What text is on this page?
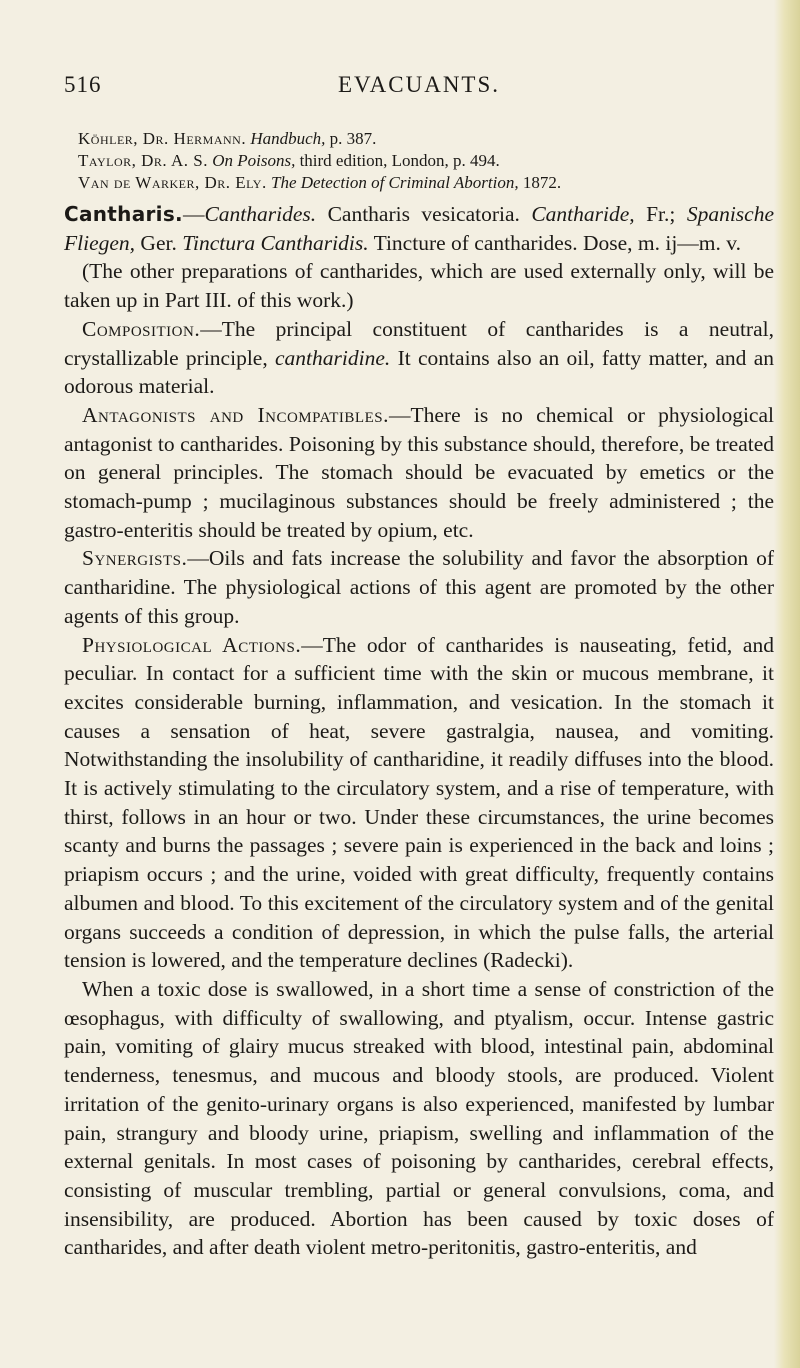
516	EVACUANTS.

Köhler, Dr. Hermann. Handbuch, p. 387.

Taylor, Dr. A. S. On Poisons, third edition, London, p. 494.

Van de Warker, Dr. Ely. The Detection of Criminal Abortion, 1872.

Cantharis.—Cantharides. Cantharis vesicatoria. Cantharide, Fr.; Spanische Fliegen, Ger. Tinctura Cantharidis. Tincture of cantharides. Dose, m. ij—m. v.

(The other preparations of cantharides, which are used externally only, will be taken up in Part III. of this work.)

Composition.—The principal constituent of cantharides is a neutral, crystallizable principle, cantharidine. It contains also an oil, fatty matter, and an odorous material.

Antagonists and Incompatibles.—There is no chemical or physiological antagonist to cantharides. Poisoning by this substance should, therefore, be treated on general principles. The stomach should be evacuated by emetics or the stomach-pump ; mucilaginous substances should be freely administered ; the gastro-enteritis should be treated by opium, etc.

Synergists.—Oils and fats increase the solubility and favor the absorption of cantharidine. The physiological actions of this agent are promoted by the other agents of this group.

Physiological Actions.—The odor of cantharides is nauseating, fetid, and peculiar. In contact for a sufficient time with the skin or mucous membrane, it excites considerable burning, inflammation, and vesication. In the stomach it causes a sensation of heat, severe gastralgia, nausea, and vomiting. Notwithstanding the insolubility of cantharidine, it readily diffuses into the blood. It is actively stimulating to the circulatory system, and a rise of temperature, with thirst, follows in an hour or two. Under these circumstances, the urine becomes scanty and burns the passages ; severe pain is experienced in the back and loins ; priapism occurs ; and the urine, voided with great difficulty, frequently contains albumen and blood. To this excitement of the circulatory system and of the genital organs succeeds a condition of depression, in which the pulse falls, the arterial tension is lowered, and the temperature declines (Radecki).

When a toxic dose is swallowed, in a short time a sense of constriction of the œsophagus, with difficulty of swallowing, and ptyalism, occur. Intense gastric pain, vomiting of glairy mucus streaked with blood, intestinal pain, abdominal tenderness, tenesmus, and mucous and bloody stools, are produced. Violent irritation of the genito-urinary organs is also experienced, manifested by lumbar pain, strangury and bloody urine, priapism, swelling and inflammation of the external genitals. In most cases of poisoning by cantharides, cerebral effects, consisting of muscular trembling, partial or general convulsions, coma, and insensibility, are produced. Abortion has been caused by toxic doses of cantharides, and after death violent metro-peritonitis, gastro-enteritis, and
